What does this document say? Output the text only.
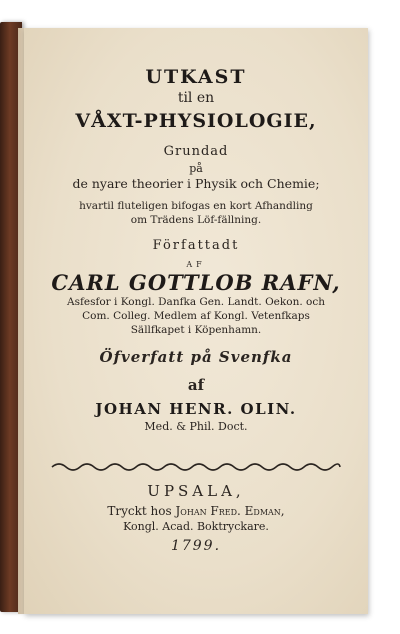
UTKAST
til en
VÅXT-PHYSIOLOGIE,
Grundad
på
de nyare theorier i Physik och Chemie;
hvartil fluteligen bifogas en kort Afhandling
om Trädens Löf-fällning.
Författadt
AF
CARL GOTTLOB RAFN,
Asfesfor i Kongl. Danfka Gen. Landt. Oekon. och
Com. Colleg. Medlem af Kongl. Vetenfkaps
Sällfkapet i Köpenhamn.
Öfverfatt på Svenfka
af
JOHAN HENR. OLIN.
Med. & Phil. Doct.
UPSALA,
Tryckt hos Johan Fred. Edman,
Kongl. Acad. Boktryckare.
1799.
